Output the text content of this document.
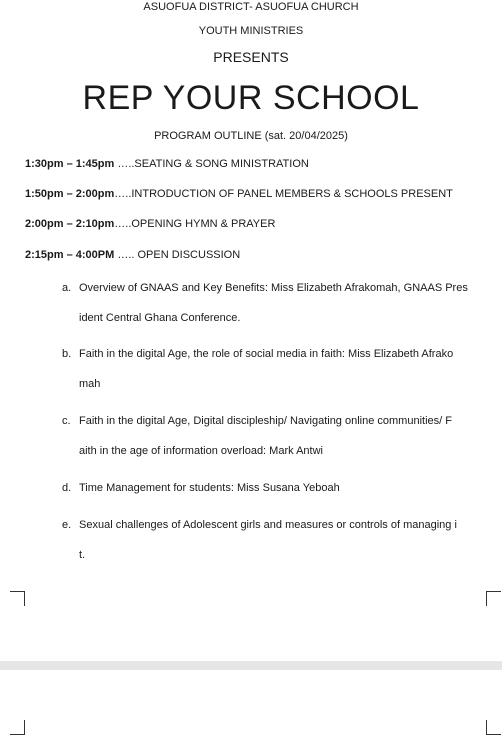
ASUOFUA DISTRICT- ASUOFUA CHURCH
YOUTH MINISTRIES
PRESENTS
REP YOUR SCHOOL
PROGRAM OUTLINE (sat. 20/04/2025)
1:30pm – 1:45pm …..SEATING & SONG MINISTRATION
1:50pm – 2:00pm…..INTRODUCTION OF PANEL MEMBERS & SCHOOLS PRESENT
2:00pm – 2:10pm…..OPENING HYMN & PRAYER
2:15pm – 4:00PM ….. OPEN DISCUSSION
a. Overview of GNAAS and Key Benefits: Miss Elizabeth Afrakomah, GNAAS Pres
ident Central Ghana Conference.
b. Faith in the digital Age, the role of social media in faith: Miss Elizabeth Afrako
mah
c. Faith in the digital Age, Digital discipleship/ Navigating online communities/ F
aith in the age of information overload: Mark Antwi
d. Time Management for students: Miss Susana Yeboah
e. Sexual challenges of Adolescent girls and measures or controls of managing i
t.
